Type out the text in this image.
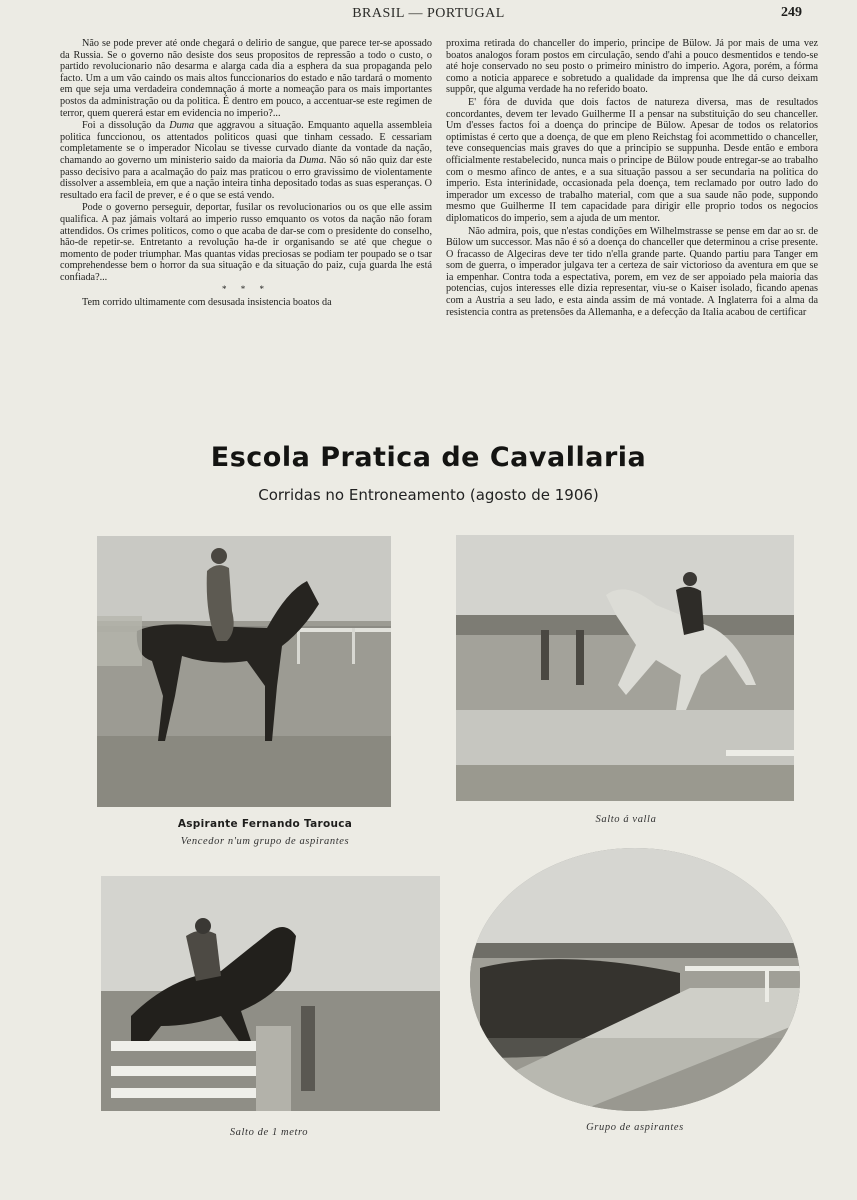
BRASIL — PORTUGAL	249

Não se pode prever até onde chegará o delirio de sangue, que parece ter-se apossado da Russia. Se o governo não desiste dos seus propositos de repressão a todo o custo, o partido revolucionario não desarma e alarga cada dia a esphera da sua propaganda pelo facto. Um a um vão caindo os mais altos funccionarios do estado e não tardará o momento em que seja uma verdadeira condemnação á morte a nomeação para os mais importantes postos da administração ou da politica. É dentro em pouco, a accentuar-se este regimen de terror, quem quererá estar em evidencia no imperio?...

Foi a dissolução da Duma que aggravou a situação. Emquanto aquella assembleia politica funccionou, os attentados politicos quasi que tinham cessado. E cessariam completamente se o imperador Nicolau se tivesse curvado diante da vontade da nação, chamando ao governo um ministerio saido da maioria da Duma. Não só não quiz dar este passo decisivo para a acalmação do paiz mas praticou o erro gravissimo de violentamente dissolver a assembleia, em que a nação inteira tinha depositado todas as suas esperanças. O resultado era facil de prever, e é o que se está vendo.

Pode o governo perseguir, deportar, fusilar os revolucionarios ou os que elle assim qualifica. A paz jámais voltará ao imperio russo emquanto os votos da nação não foram attendidos. Os crimes politicos, como o que acaba de dar-se com o presidente do conselho, hão-de repetir-se. Entretanto a revolução ha-de ir organisando se até que chegue o momento de poder triumphar. Mas quantas vidas preciosas se podiam ter poupado se o tsar comprehendesse bem o horror da sua situação e da situação do paiz, cuja guarda lhe está confiada?...

* * *

Tem corrido ultimamente com desusada insistencia boatos da

proxima retirada do chanceller do imperio, principe de Bülow. Já por mais de uma vez boatos analogos foram postos em circulação, sendo d'ahi a pouco desmentidos e tendo-se até hoje conservado no seu posto o primeiro ministro do imperio. Agora, porém, a fórma como a noticia apparece e sobretudo a qualidade da imprensa que lhe dá curso deixam suppôr, que alguma verdade ha no referido boato.

E' fóra de duvida que dois factos de natureza diversa, mas de resultados concordantes, devem ter levado Guilherme II a pensar na substituição do seu chanceller. Um d'esses factos foi a doença do principe de Bülow. Apesar de todos os relatorios optimistas é certo que a doença, de que em pleno Reichstag foi acommettido o chanceller, teve consequencias mais graves do que a principio se suppunha. Desde então e embora officialmente restabelecido, nunca mais o principe de Bülow poude entregar-se ao trabalho com o mesmo afinco de antes, e a sua situação passou a ser secundaria na politica do imperio. Esta interinidade, occasionada pela doença, tem reclamado por outro lado do imperador um excesso de trabalho material, com que a sua saude não pode, suppondo mesmo que Guilherme II tem capacidade para dirigir elle proprio todos os negocios diplomaticos do imperio, sem a ajuda de um mentor.

Não admira, pois, que n'estas condições em Wilhelmstrasse se pense em dar ao sr. de Bülow um successor. Mas não é só a doença do chanceller que determinou a crise presente. O fracasso de Algeciras deve ter tido n'ella grande parte. Quando partiu para Tanger em som de guerra, o imperador julgava ter a certeza de sair victorioso da aventura em que se ia empenhar. Contra toda a espectativa, porem, em vez de ser appoiado pela maioria das potencias, cujos interesses elle dizia representar, viu-se o Kaiser isolado, ficando apenas com a Austria a seu lado, e esta ainda assim de má vontade. A Inglaterra foi a alma da resistencia contra as pretensões da Allemanha, e a defecção da Italia acabou de certificar

Escola Pratica de Cavallaria
Corridas no Entroneamento (agosto de 1906)
Aspirante Fernando Tarouca
Vencedor n'um grupo de aspirantes
Salto á valla
Salto de 1 metro	Grupo de aspirantes
